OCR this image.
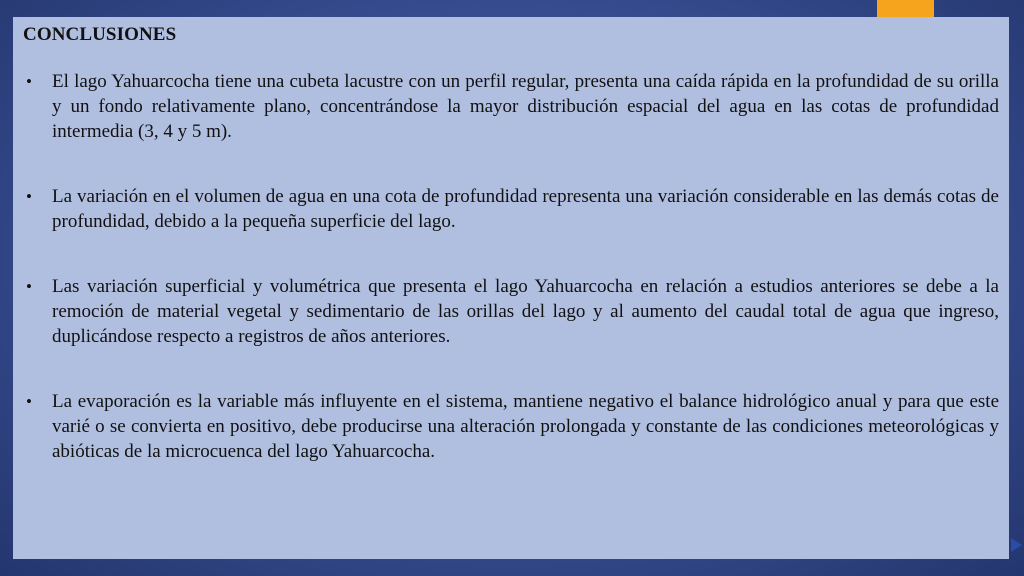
CONCLUSIONES
• El lago Yahuarcocha tiene una cubeta lacustre con un perfil regular, presenta una caída rápida en la profundidad de su orilla y un fondo relativamente plano, concentrándose la mayor distribución espacial del agua en las cotas de profundidad intermedia (3, 4 y 5 m).
• La variación en el volumen de agua en una cota de profundidad representa una variación considerable en las demás cotas de profundidad, debido a la pequeña superficie del lago.
• Las variación superficial y volumétrica que presenta el lago Yahuarcocha en relación a estudios anteriores se debe a la remoción de material vegetal y sedimentario de las orillas del lago y al aumento del caudal total de agua que ingreso, duplicándose respecto a registros de años anteriores.
• La evaporación es la variable más influyente en el sistema, mantiene negativo el balance hidrológico anual y para que este varié o se convierta en positivo, debe producirse una alteración prolongada y constante de las condiciones meteorológicas y abióticas de la microcuenca del lago Yahuarcocha.
